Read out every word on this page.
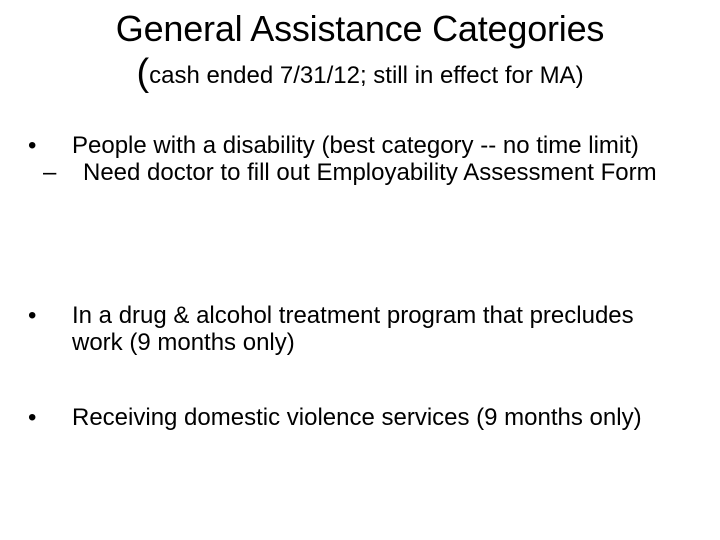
General Assistance Categories
(cash ended 7/31/12; still in effect for MA)
•	People with a disability (best category -- no time limit)
– Need doctor to fill out Employability Assessment Form
•	In a drug & alcohol treatment program that precludes work (9 months only)
•	Receiving domestic violence services (9 months only)
